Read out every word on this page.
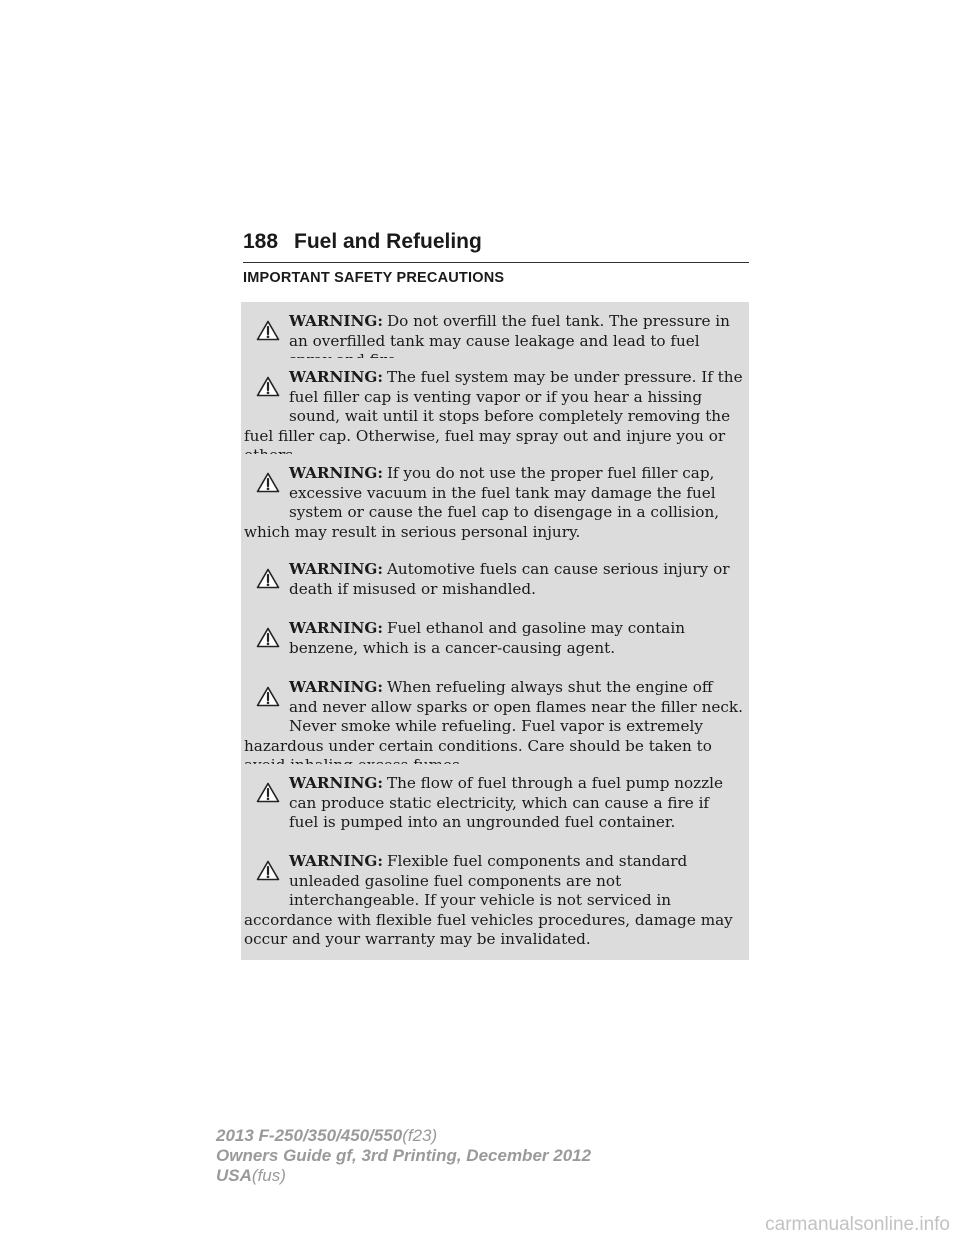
188 Fuel and Refueling
IMPORTANT SAFETY PRECAUTIONS
WARNING: Do not overfill the fuel tank. The pressure in an overfilled tank may cause leakage and lead to fuel
WARNING: The fuel system may be under pressure. If the fuel filler cap is venting vapor or if you hear a hissing sound, wait until it stops before completely removing the fuel filler cap. Otherwise, fuel may spray out and injure you or
WARNING: If you do not use the proper fuel filler cap, excessive vacuum in the fuel tank may damage the fuel system or cause the fuel cap to disengage in a collision, which may result in serious personal injury.
WARNING: Automotive fuels can cause serious injury or death if misused or mishandled.
WARNING: Fuel ethanol and gasoline may contain benzene, which is a cancer-causing agent.
WARNING: When refueling always shut the engine off and never allow sparks or open flames near the filler neck. Never smoke while refueling. Fuel vapor is extremely hazardous under certain conditions. Care should be taken to
WARNING: The flow of fuel through a fuel pump nozzle can produce static electricity, which can cause a fire if fuel is pumped into an ungrounded fuel container.
WARNING: Flexible fuel components and standard unleaded gasoline fuel components are not interchangeable. If your vehicle is not serviced in accordance with flexible fuel vehicles procedures, damage may occur and your warranty may be invalidated.
2013 F-250/350/450/550(f23)
Owners Guide gf, 3rd Printing, December 2012
USA(fus)
carmanualsonline.info
